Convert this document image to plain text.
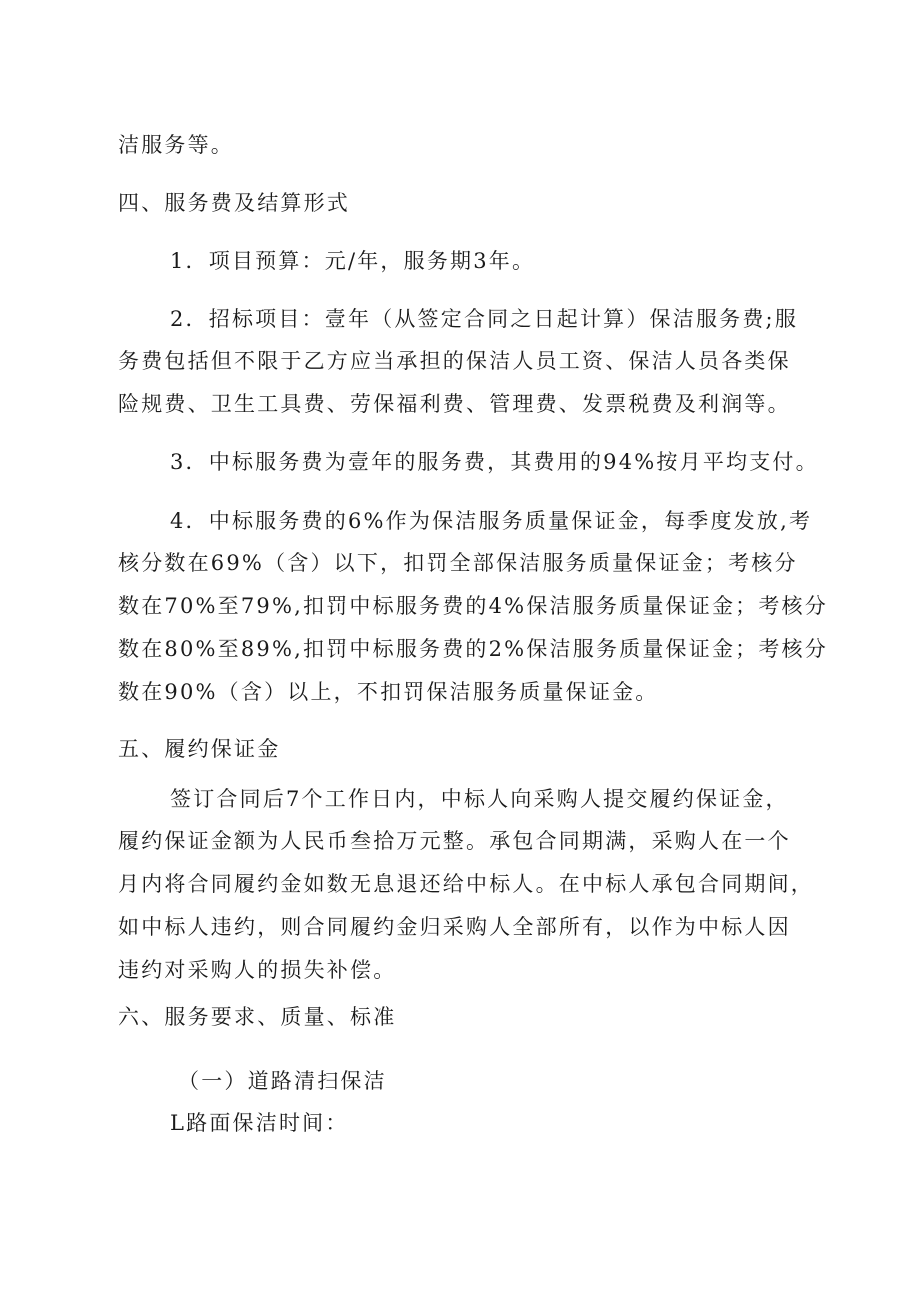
洁服务等。
四、服务费及结算形式
1．项目预算：元/年，服务期3年。
2．招标项目：壹年（从签定合同之日起计算）保洁服务费;服
务费包括但不限于乙方应当承担的保洁人员工资、保洁人员各类保
险规费、卫生工具费、劳保福利费、管理费、发票税费及利润等。
3．中标服务费为壹年的服务费，其费用的94%按月平均支付。
4．中标服务费的6%作为保洁服务质量保证金，每季度发放,考
核分数在69%（含）以下，扣罚全部保洁服务质量保证金；考核分
数在70%至79%,扣罚中标服务费的4%保洁服务质量保证金；考核分
数在80%至89%,扣罚中标服务费的2%保洁服务质量保证金；考核分
数在90%（含）以上，不扣罚保洁服务质量保证金。
五、履约保证金
签订合同后7个工作日内，中标人向采购人提交履约保证金，
履约保证金额为人民币叁拾万元整。承包合同期满，采购人在一个
月内将合同履约金如数无息退还给中标人。在中标人承包合同期间，
如中标人违约，则合同履约金归采购人全部所有，以作为中标人因
违约对采购人的损失补偿。
六、服务要求、质量、标准
（一）道路清扫保洁
L路面保洁时间：
